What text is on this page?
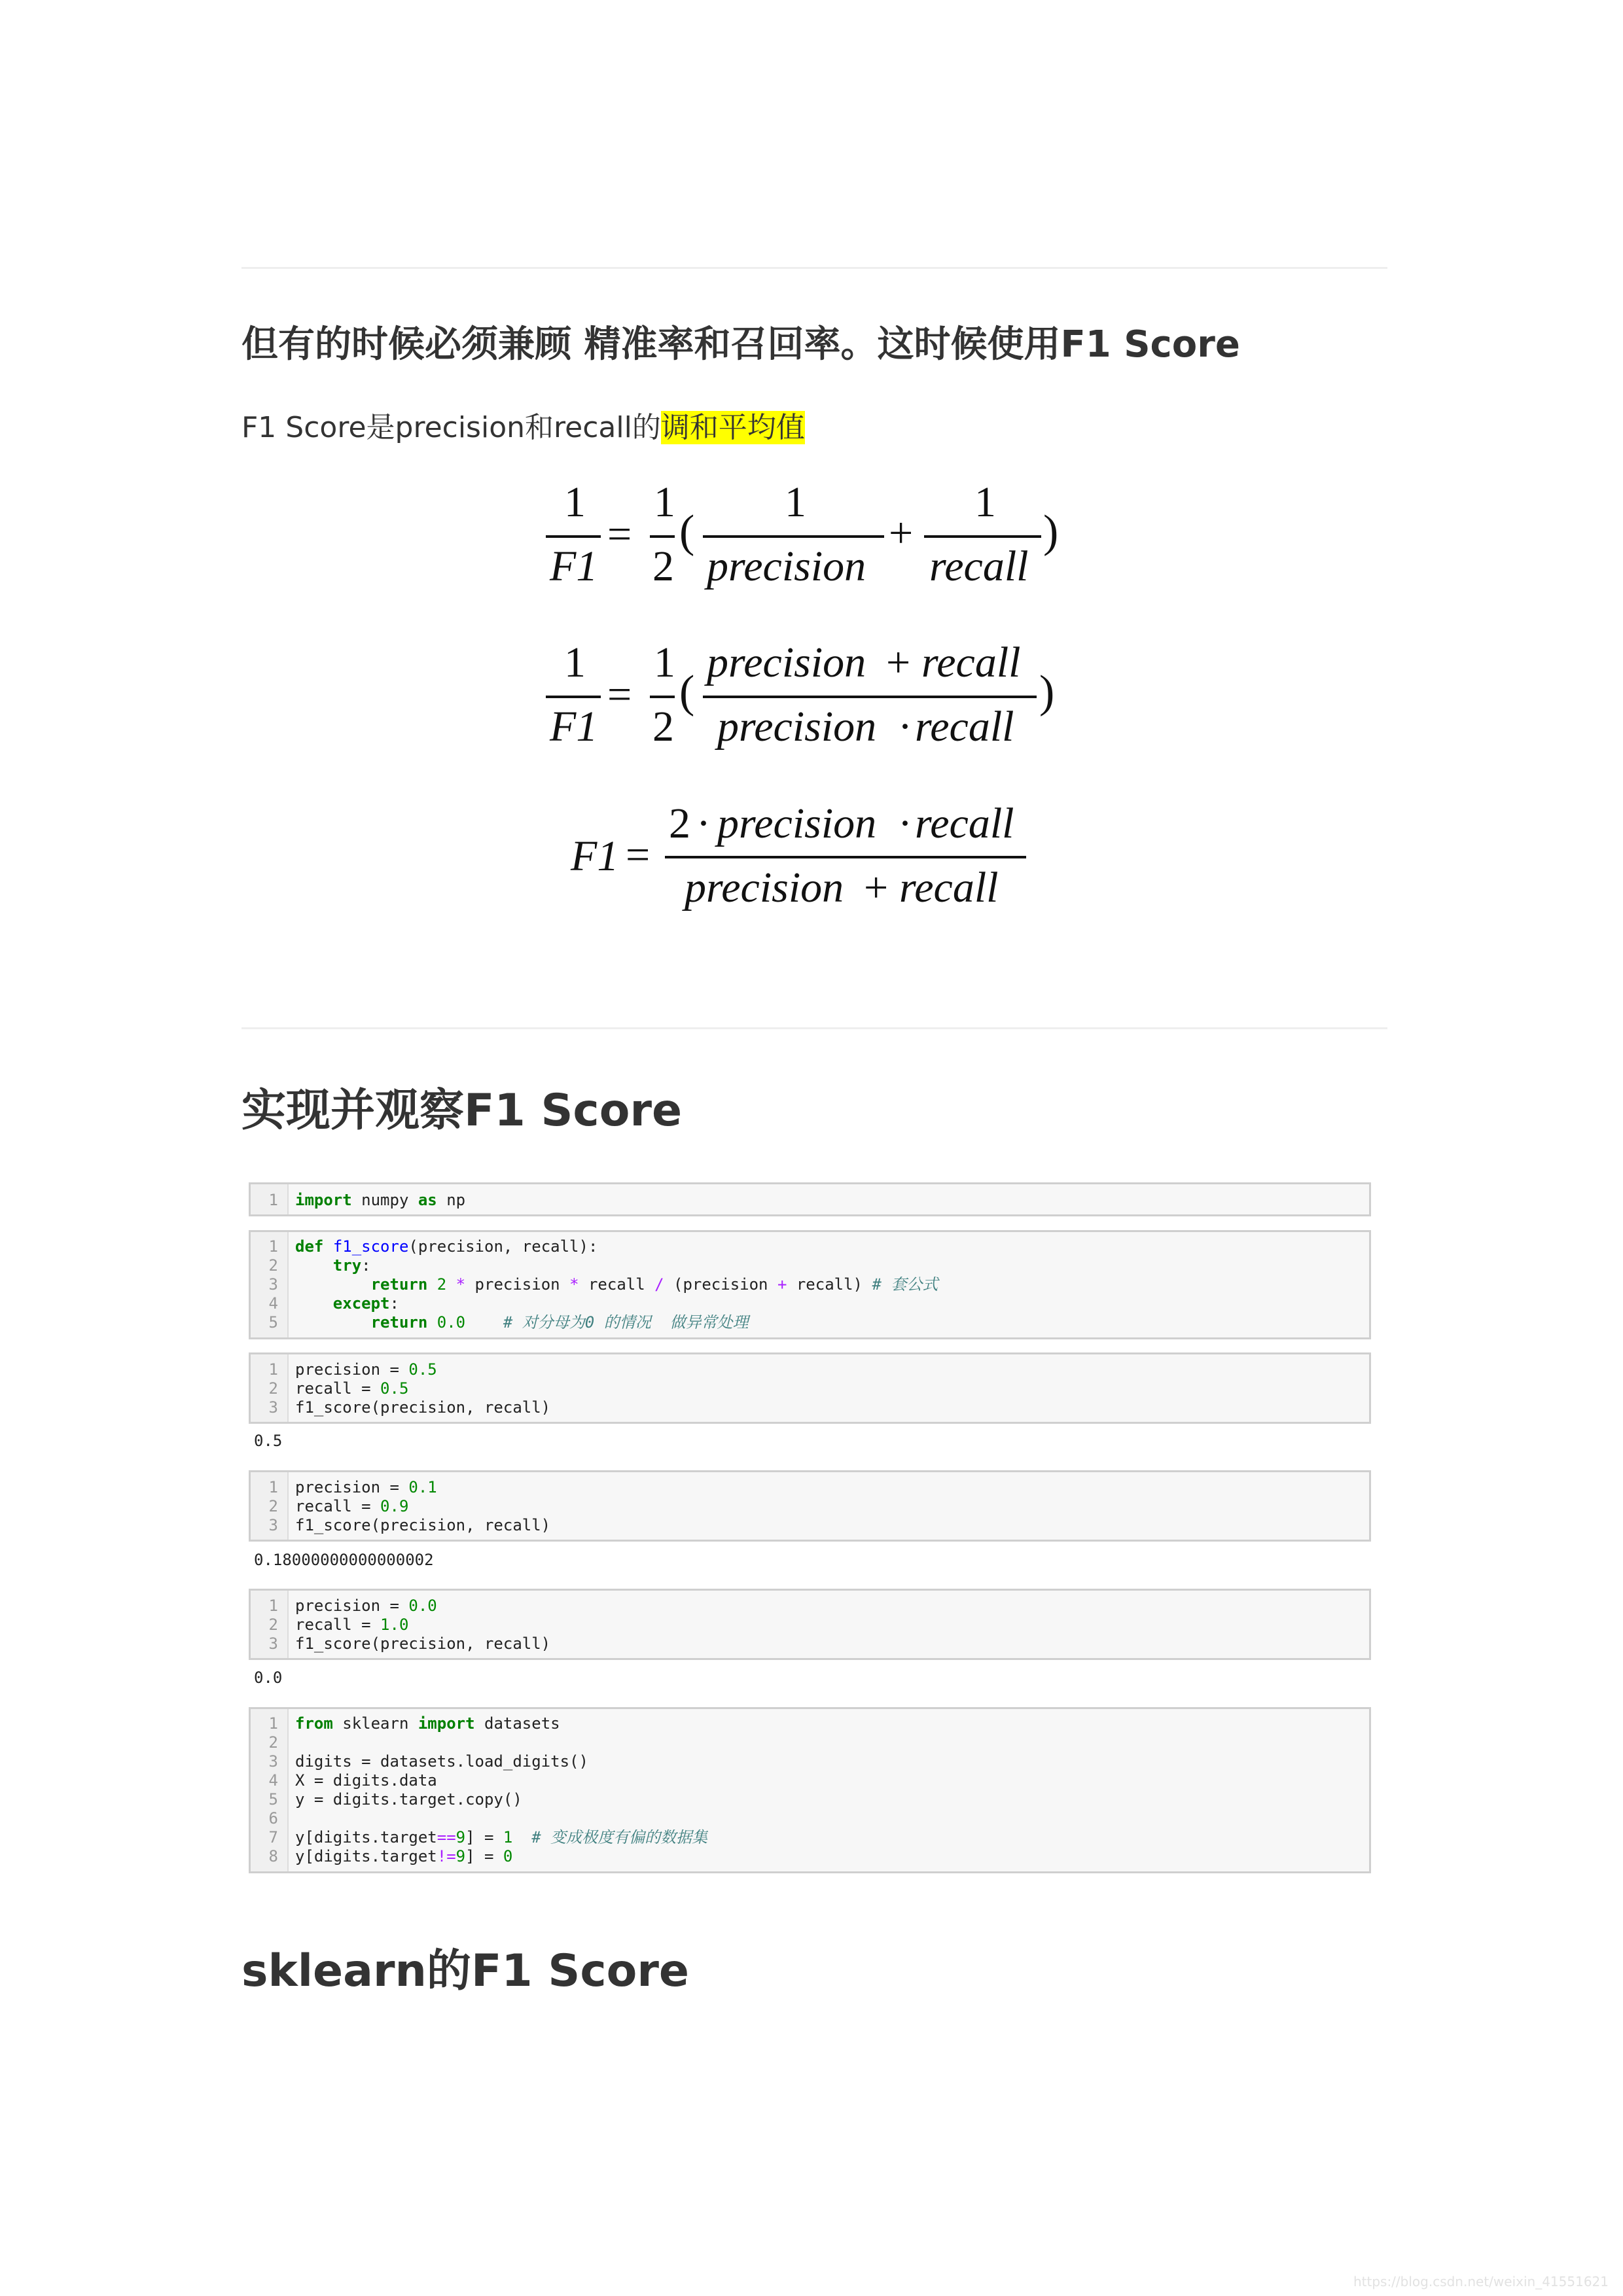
但有的时候必须兼顾 精准率和召回率。这时候使用F1 Score
F1 Score是precision和recall的调和平均值
1
F1
=
1
2
(
1
precision
+
1
recall
)
1
F1
=
1
2
(
precision + recall
precision · recall
)
F1 =
2 · precision · recall
precision + recall
实现并观察F1 Score
1 import numpy as np
1
2
3
4
5
def f1_score(precision, recall):
try:
return 2 * precision * recall / (precision + recall) # 套公式
except:
return 0.0 # 对分母为0 的情况  做异常处理
1
2
3
precision = 0.5
recall = 0.5
f1_score(precision, recall)
0.5
1
2
3
precision = 0.1
recall = 0.9
f1_score(precision, recall)
0.18000000000000002
1
2
3
precision = 0.0
recall = 1.0
f1_score(precision, recall)
0.0
1
2
3
4
5
6
7
8
from sklearn import datasets
digits = datasets.load_digits()
X = digits.data
y = digits.target.copy()
y[digits.target==9] = 1 # 变成极度有偏的数据集
y[digits.target!=9] = 0
sklearn的F1 Score
https://blog.csdn.net/weixin_41551621
